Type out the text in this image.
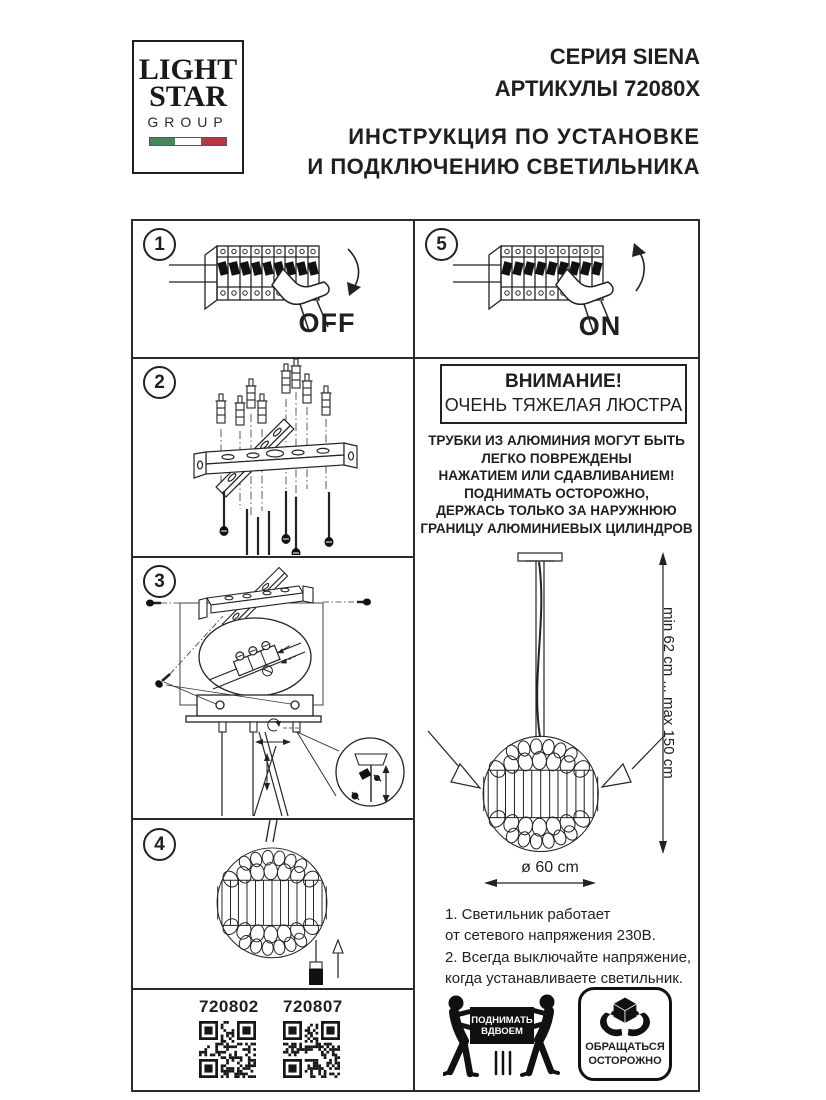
LIGHT
STAR
GROUP
СЕРИЯ SIENA
АРТИКУЛЫ 72080X
ИНСТРУКЦИЯ ПО УСТАНОВКЕ
И ПОДКЛЮЧЕНИЮ СВЕТИЛЬНИКА
1	5
2
3
4
OFF	ON
ВНИМАНИЕ!
ОЧЕНЬ ТЯЖЕЛАЯ ЛЮСТРА
ТРУБКИ ИЗ АЛЮМИНИЯ МОГУТ БЫТЬ
ЛЕГКО ПОВРЕЖДЕНЫ
НАЖАТИЕМ ИЛИ СДАВЛИВАНИЕМ!
ПОДНИМАТЬ ОСТОРОЖНО,
ДЕРЖАСЬ ТОЛЬКО ЗА НАРУЖНЮЮ
ГРАНИЦУ АЛЮМИНИЕВЫХ ЦИЛИНДРОВ
min 62 cm ... max 150 cm
ø 60 cm
1. Светильник работает
от сетевого напряжения 230В.
2. Всегда выключайте напряжение,
когда устанавливаете светильник.
720802 720807
ПОДНИМАТЬ
ВДВОЕМ
ОБРАЩАТЬСЯ
ОСТОРОЖНО
